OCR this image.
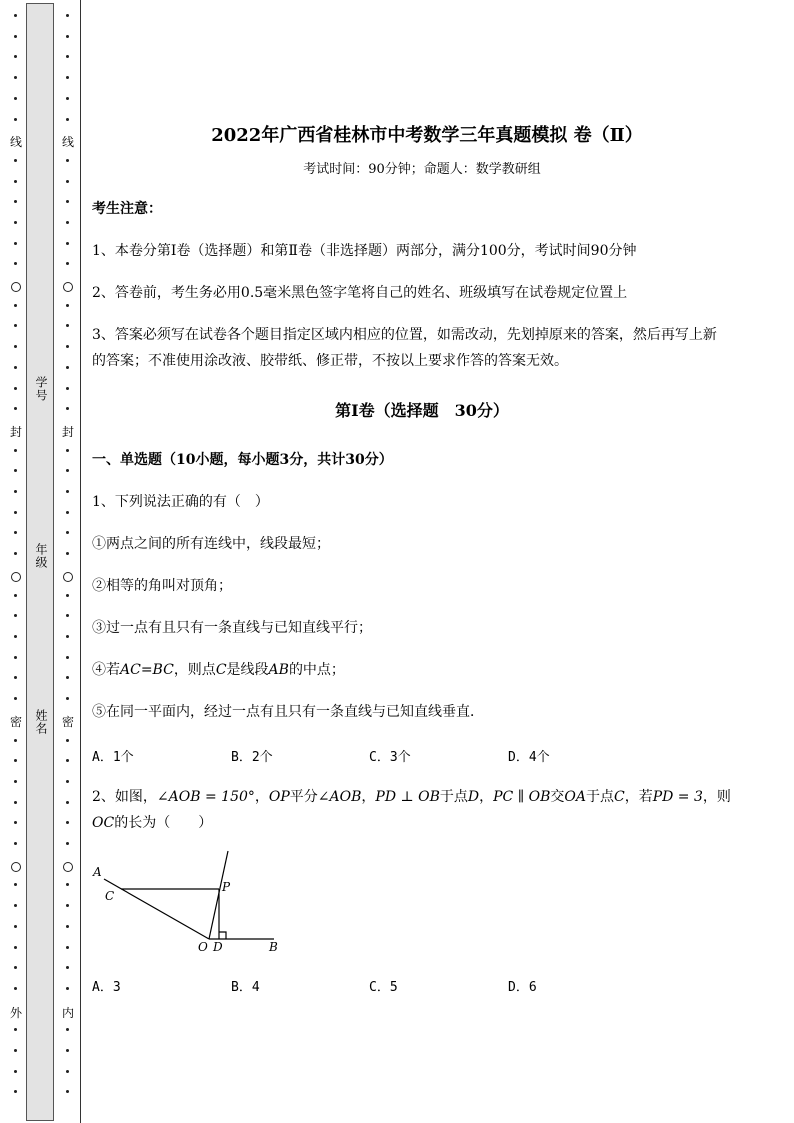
线
封
密
外
线
封
密
内
学号
年级
姓名
2022年广西省桂林市中考数学三年真题模拟 卷（Ⅱ）
考试时间：90分钟；命题人：数学教研组
考生注意：
1、本卷分第Ⅰ卷（选择题）和第Ⅱ卷（非选择题）两部分，满分100分，考试时间90分钟
2、答卷前，考生务必用0.5毫米黑色签字笔将自己的姓名、班级填写在试卷规定位置上
3、答案必须写在试卷各个题目指定区域内相应的位置，如需改动，先划掉原来的答案，然后再写上新
的答案；不准使用涂改液、胶带纸、修正带，不按以上要求作答的答案无效。
第Ⅰ卷（选择题　30分）
一、单选题（10小题，每小题3分，共计30分）
1、下列说法正确的有（　）
①两点之间的所有连线中，线段最短；
②相等的角叫对顶角；
③过一点有且只有一条直线与已知直线平行；
④若AC=BC，则点C是线段AB的中点；
⑤在同一平面内，经过一点有且只有一条直线与已知直线垂直．
A．1个	B．2个	C．3个	D．4个
2、如图，∠AOB = 150°，OP平分∠AOB，PD ⊥ OB于点D，PC ∥ OB交OA于点C，若PD = 3，则
OC的长为（　　）
A．3	B．4	C．5	D．6
A
C
P
O D	B
